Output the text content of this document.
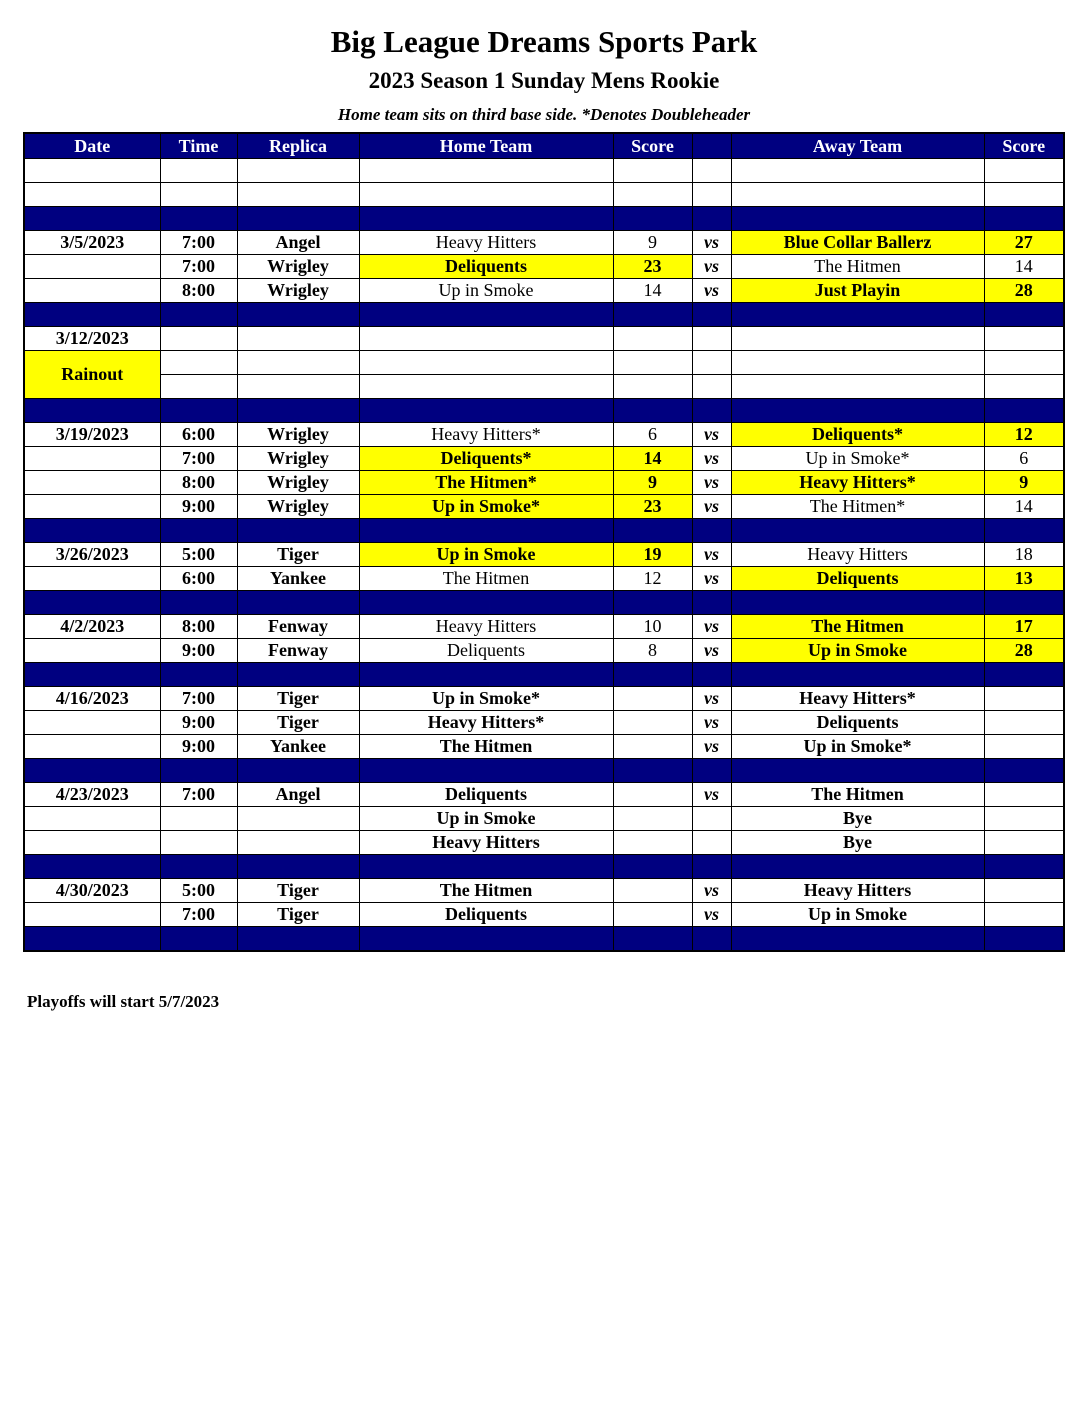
Big League Dreams Sports Park
2023 Season 1 Sunday Mens Rookie
Home team sits on third base side. *Denotes Doubleheader
Date	Time	Replica	Home Team	Score		Away Team	Score

3/5/2023	7:00	Angel	Heavy Hitters	9	vs	Blue Collar Ballerz	27
	7:00	Wrigley	Deliquents	23	vs	The Hitmen	14
	8:00	Wrigley	Up in Smoke	14	vs	Just Playin	28

3/12/2023							
Rainout							

3/19/2023	6:00	Wrigley	Heavy Hitters*	6	vs	Deliquents*	12
	7:00	Wrigley	Deliquents*	14	vs	Up in Smoke*	6
	8:00	Wrigley	The Hitmen*	9	vs	Heavy Hitters*	9
	9:00	Wrigley	Up in Smoke*	23	vs	The Hitmen*	14

3/26/2023	5:00	Tiger	Up in Smoke	19	vs	Heavy Hitters	18
	6:00	Yankee	The Hitmen	12	vs	Deliquents	13

4/2/2023	8:00	Fenway	Heavy Hitters	10	vs	The Hitmen	17
	9:00	Fenway	Deliquents	8	vs	Up in Smoke	28

4/16/2023	7:00	Tiger	Up in Smoke*		vs	Heavy Hitters*	
	9:00	Tiger	Heavy Hitters*		vs	Deliquents	
	9:00	Yankee	The Hitmen		vs	Up in Smoke*	

4/23/2023	7:00	Angel	Deliquents		vs	The Hitmen	
			Up in Smoke			Bye	
			Heavy Hitters			Bye	

4/30/2023	5:00	Tiger	The Hitmen		vs	Heavy Hitters	
	7:00	Tiger	Deliquents		vs	Up in Smoke	

Playoffs will start 5/7/2023
